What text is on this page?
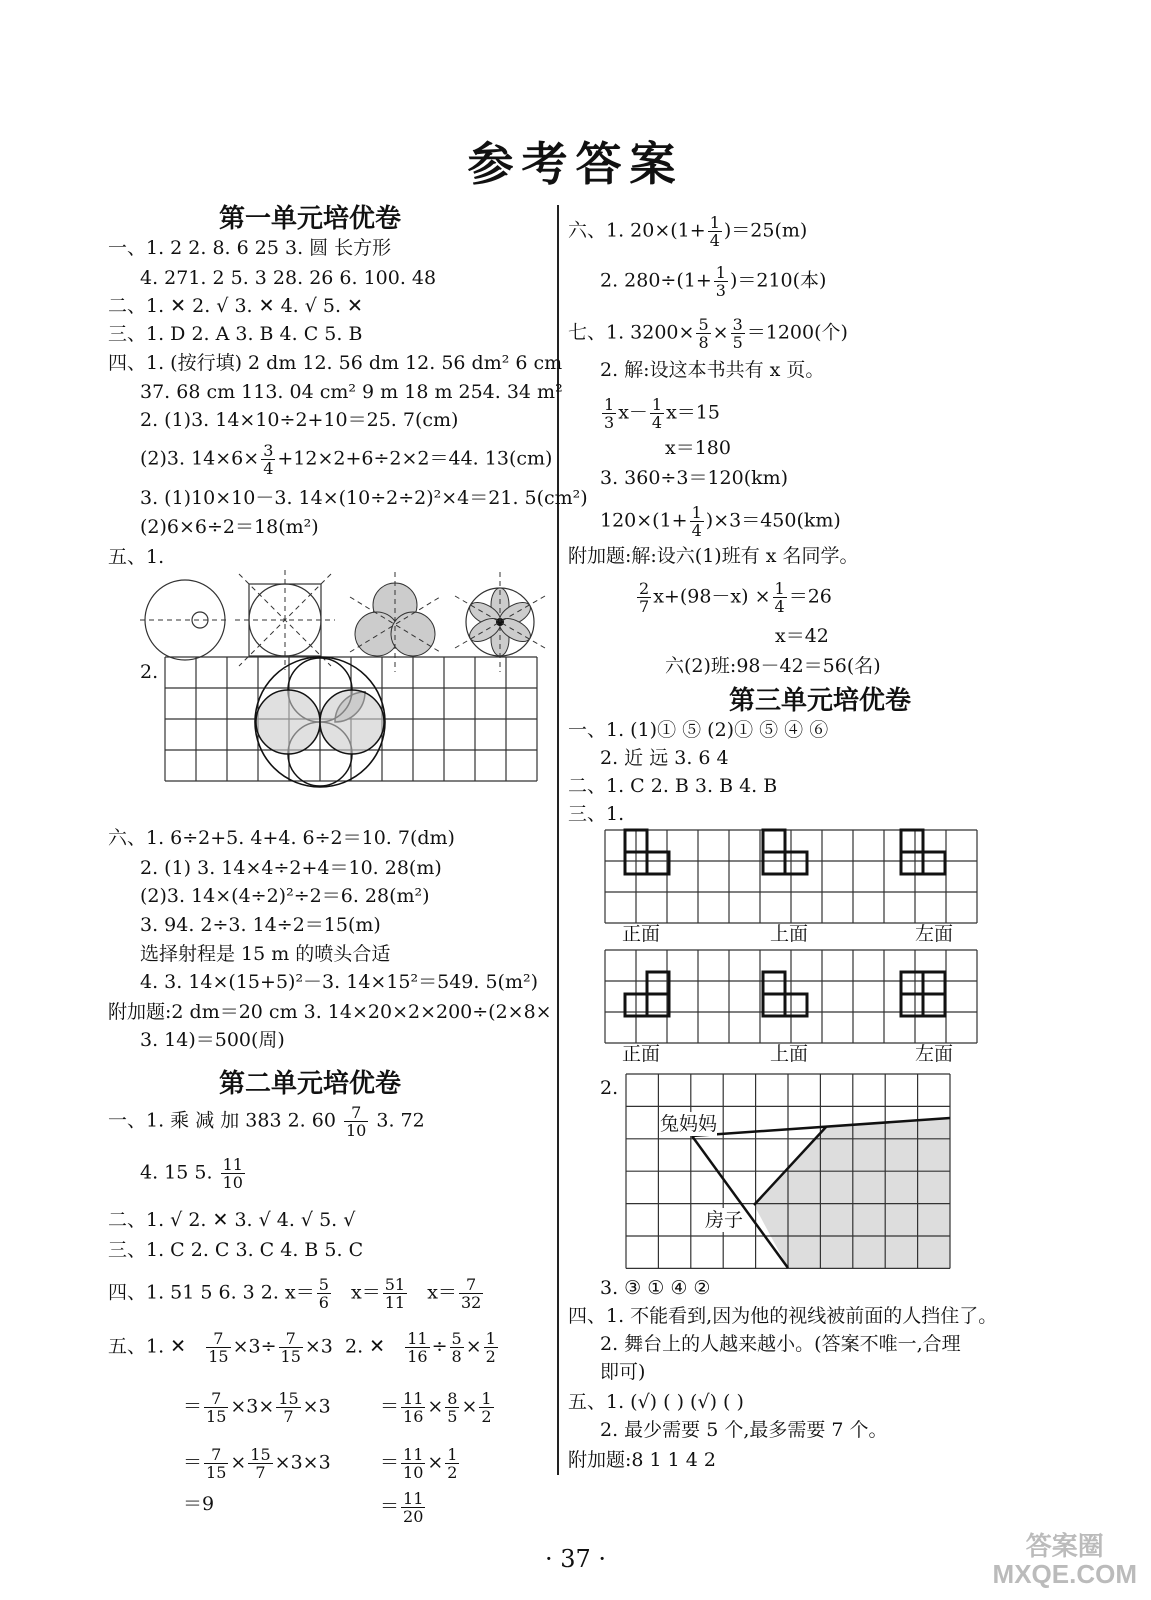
参考答案
第一单元培优卷
一、1. 2 2. 8. 6 25 3. 圆 长方形
4. 271. 2 5. 3 28. 26 6. 100. 48
二、1. ✕ 2. √ 3. ✕ 4. √ 5. ✕
三、1. D 2. A 3. B 4. C 5. B
四、1. (按行填) 2 dm 12. 56 dm 12. 56 dm² 6 cm
37. 68 cm 113. 04 cm² 9 m 18 m 254. 34 m²
2. (1)3. 14×10÷2+10＝25. 7(cm)
(2)3. $14\times 6\times \frac{3}{4} +12\times 2+6\div 2\times 2=44$. 13(cm)
3. (1)10×10－3. 14×(10÷2÷2)²×4＝21. 5(cm²)
(2)6×6÷2＝18(m²)
五、1.
2.
六、1. 6÷2+5. 4+4. 6÷2＝10. 7(dm)
2. (1) 3. 14×4÷2+4＝10. 28(m)
(2)3. 14×(4÷2)²÷2＝6. 28(m²)
3. 94. 2÷3. 14÷2＝15(m)
选择射程是 15 m 的喷头合适
4. 3. 14×(15+5)²－3. 14×15²＝549. 5(m²)
附加题:2 dm＝20 cm 3. 14×20×2×200÷(2×8×
3. 14)＝500(周)
第二单元培优卷
一、1. 乘 减 加 383 2. $60 \frac{7}{10} 3$. 72
4. 15 5. $\frac{11}{10}$
二、1. √ 2. ✕ 3. √ 4. √ 5. √
三、1. C 2. C 3. C 4. B 5. C
四、1. 51 5 6. 3 2. $x= \frac{5}{6} x= \frac{51}{11} x= \frac{7}{32}$
五、1. ✕ $\frac{7}{15} \times 3\div \frac{7}{15} \times 3$
＝ $\frac{7}{15} \times 3\times \frac{15}{7} \times 3$
＝ $\frac{7}{15} \times \frac{15}{7} \times 3\times 3$
＝9
2. ✕ $\frac{11}{16} \div \frac{5}{8} \times \frac{1}{2}$
＝ $\frac{11}{16} \times \frac{8}{5} \times \frac{1}{2}$
＝ $\frac{11}{10} \times \frac{1}{2}$
＝ $\frac{11}{20}$
六、1. $20\times(1+ \frac{1}{4} )=25(m)$
2. $280\div(1+ \frac{1}{3} )=210$(本)
七、1. $3200\times \frac{5}{8} \times \frac{3}{5} =1200$(个)
2. 解:设这本书共有 x 页。
$\frac{1}{3} x- \frac{1}{4} x=15$
x＝180
3. 360÷3＝120(km)
$120\times(1+ \frac{1}{4} )\times 3=450(km)$
附加题:解:设六(1)班有 x 名同学。
$\frac{2}{7} x+(98-x) \times \frac{1}{4} =26$
x＝42
六(2)班:98－42＝56(名)
第三单元培优卷
一、1. (1)① ⑤ (2)① ⑤ ④ ⑥
2. 近 远 3. 6 4
二、1. C 2. B 3. B 4. B
三、1.
正面	上面	左面
正面	上面	左面
2.
兔妈妈
房子
3. ③ ① ④ ②
四、1. 不能看到,因为他的视线被前面的人挡住了。
2. 舞台上的人越来越小。(答案不唯一,合理
即可)
五、1. (√) ( ) (√) ( )
2. 最少需要 5 个,最多需要 7 个。
附加题:8 1 1 4 2
· 37 ·	答案圈
MXQE.COM
